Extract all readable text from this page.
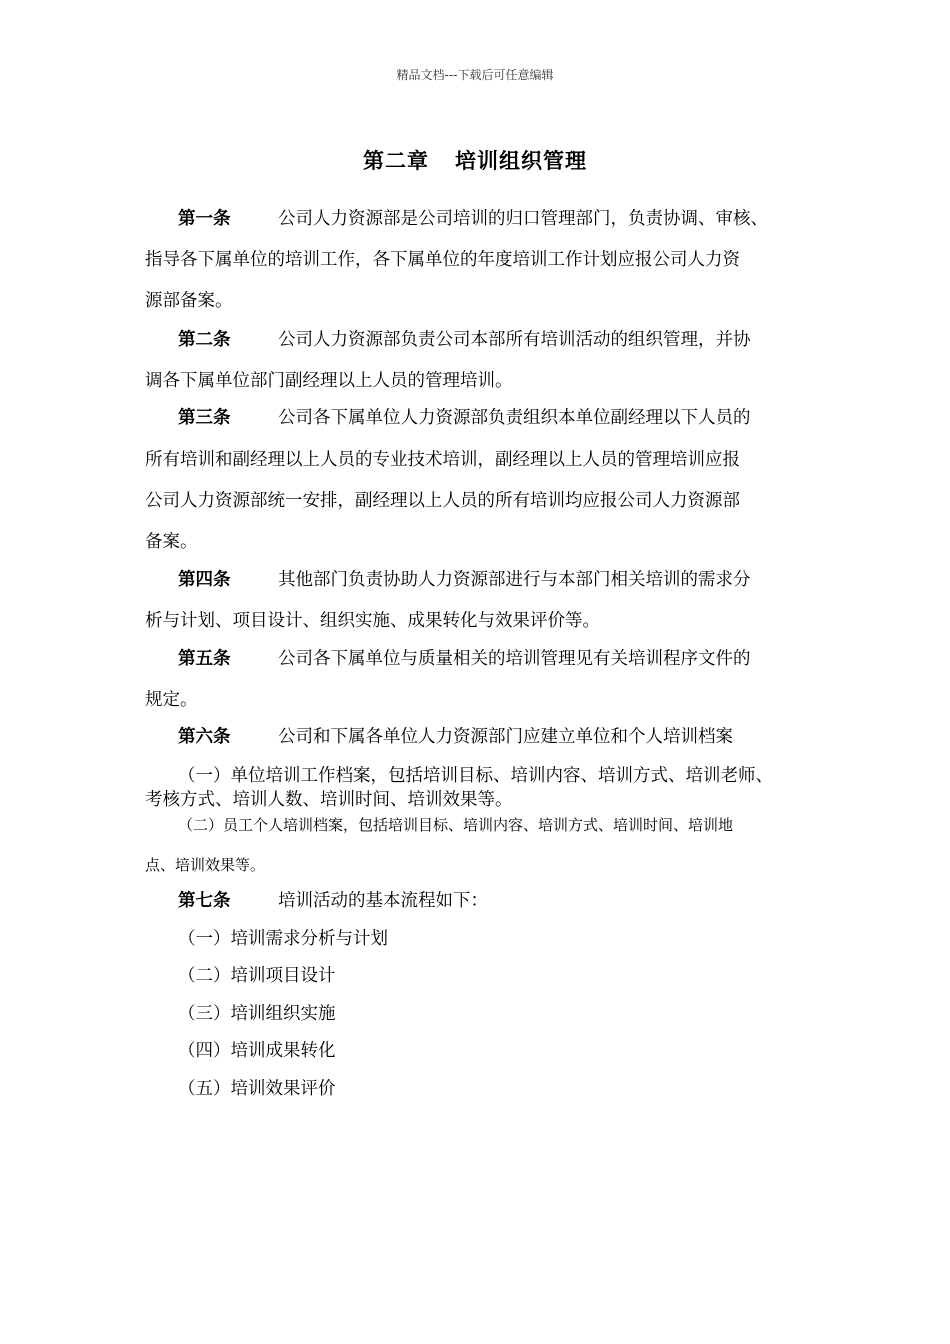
精品文档---下载后可任意编辑
第二章 培训组织管理
第一条	公司人力资源部是公司培训的归口管理部门，负责协调、审核、
指导各下属单位的培训工作，各下属单位的年度培训工作计划应报公司人力资
源部备案。
第二条	公司人力资源部负责公司本部所有培训活动的组织管理，并协
调各下属单位部门副经理以上人员的管理培训。
第三条	公司各下属单位人力资源部负责组织本单位副经理以下人员的
所有培训和副经理以上人员的专业技术培训，副经理以上人员的管理培训应报
公司人力资源部统一安排，副经理以上人员的所有培训均应报公司人力资源部
备案。
第四条	其他部门负责协助人力资源部进行与本部门相关培训的需求分
析与计划、项目设计、组织实施、成果转化与效果评价等。
第五条	公司各下属单位与质量相关的培训管理见有关培训程序文件的
规定。
第六条	公司和下属各单位人力资源部门应建立单位和个人培训档案
（一）单位培训工作档案，包括培训目标、培训内容、培训方式、培训老师、
考核方式、培训人数、培训时间、培训效果等。
（二）员工个人培训档案，包括培训目标、培训内容、培训方式、培训时间、培训地
点、培训效果等。
第七条	培训活动的基本流程如下：
（一）培训需求分析与计划
（二）培训项目设计
（三）培训组织实施
（四）培训成果转化
（五）培训效果评价
